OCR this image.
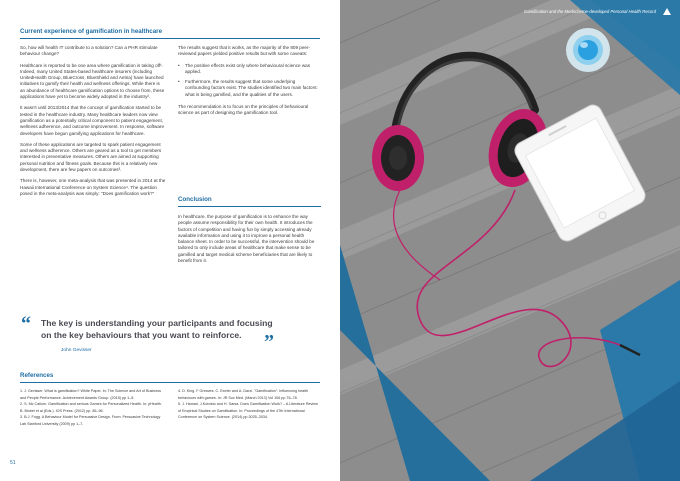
Current experience of gamification in healthcare

So, how will health IT contribute to a solution? Can a PHR stimulate behaviour change?

Healthcare is reported to be one area where gamification is taking off¹. Indeed, many United States-based healthcare insurers (including UnitedHealth Group, BlueCross, BlueShield and Aetna) have launched initiatives to gamify their health and wellness offerings. While there is an abundance of healthcare gamification options to choose from, these applications have yet to become widely adopted in the industry².

It wasn't until 2013/2014 that the concept of gamification started to be tested in the healthcare industry. Many healthcare leaders now view gamification as a potentially critical component to patient engagement, wellness adherence, and outcome improvement. In response, software developers have begun gamifying applications for healthcare.

Some of these applications are targeted to spark patient engagement and wellness adherence. Others are geared as a tool to get members interested in preventative measures. Others are aimed at supporting personal nutrition and fitness goals. Because this is a relatively new development, there are few papers on outcomes³.

There is, however, one meta-analysis that was presented in 2014 at the Hawaii International Conference on System Science⁴. The question posed in the meta-analysis was simply: "Does gamification work?"

The results suggest that it works, as the majority of the 809 peer-reviewed papers yielded positive results but with some caveats:

• The positive effects exist only where behavioural science was applied.
• Furthermore, the results suggest that some underlying confounding factors exist. The studies identified two main factors: what is being gamified, and the qualities of the users.

The recommendation is to focus on the principles of behavioural science as part of designing the gamification tool.

Conclusion

In healthcare, the purpose of gamification is to enhance the way people assume responsibility for their own health. It introduces the factors of competition and having fun by simply accessing already available information and using it to improve a personal health balance sheet. In order to be successful, the intervention should be tailored to only include areas of healthcare that make sense to be gamified and target medical scheme beneficiaries that are likely to benefit from it.

“ The key is understanding your participants and focusing on the key behaviours that you want to reinforce.	”
John Gevisser
References
1. J. Gevisser. What is gamification? White Paper. In: The Science and Art of Business and People Performance. Achievement Awards Group. (2015) pp 1–5.
2. S. Mc Callum. Gamification and serious Games for Personalized Health. In: pHealth. B. Blobel et al (Eds.). IOS Press. (2012) pp. 85–96.
3. B.J. Fogg. A Behaviour Model for Persuasive Design. From: Persuasive Technology Lab Stanford University (2009) pp 1–7.
4. D. King. F Greaves. C. Exeter and A. Darzi. "Gamification": Influencing health behaviours with games. In: JR Soc Med. (March 2013) Vol 106 pp 76–78.
5. J. Hamari, J.Koivisto and H. Sarsa. Does Gamification Work? – A Literature Review of Empirical Studies on Gamification. In: Proceedings of the 47th International Conference on System Science. (2014) pp.3025–3034.
51
Gamification and the Medscheme-developed Personal Health Record
